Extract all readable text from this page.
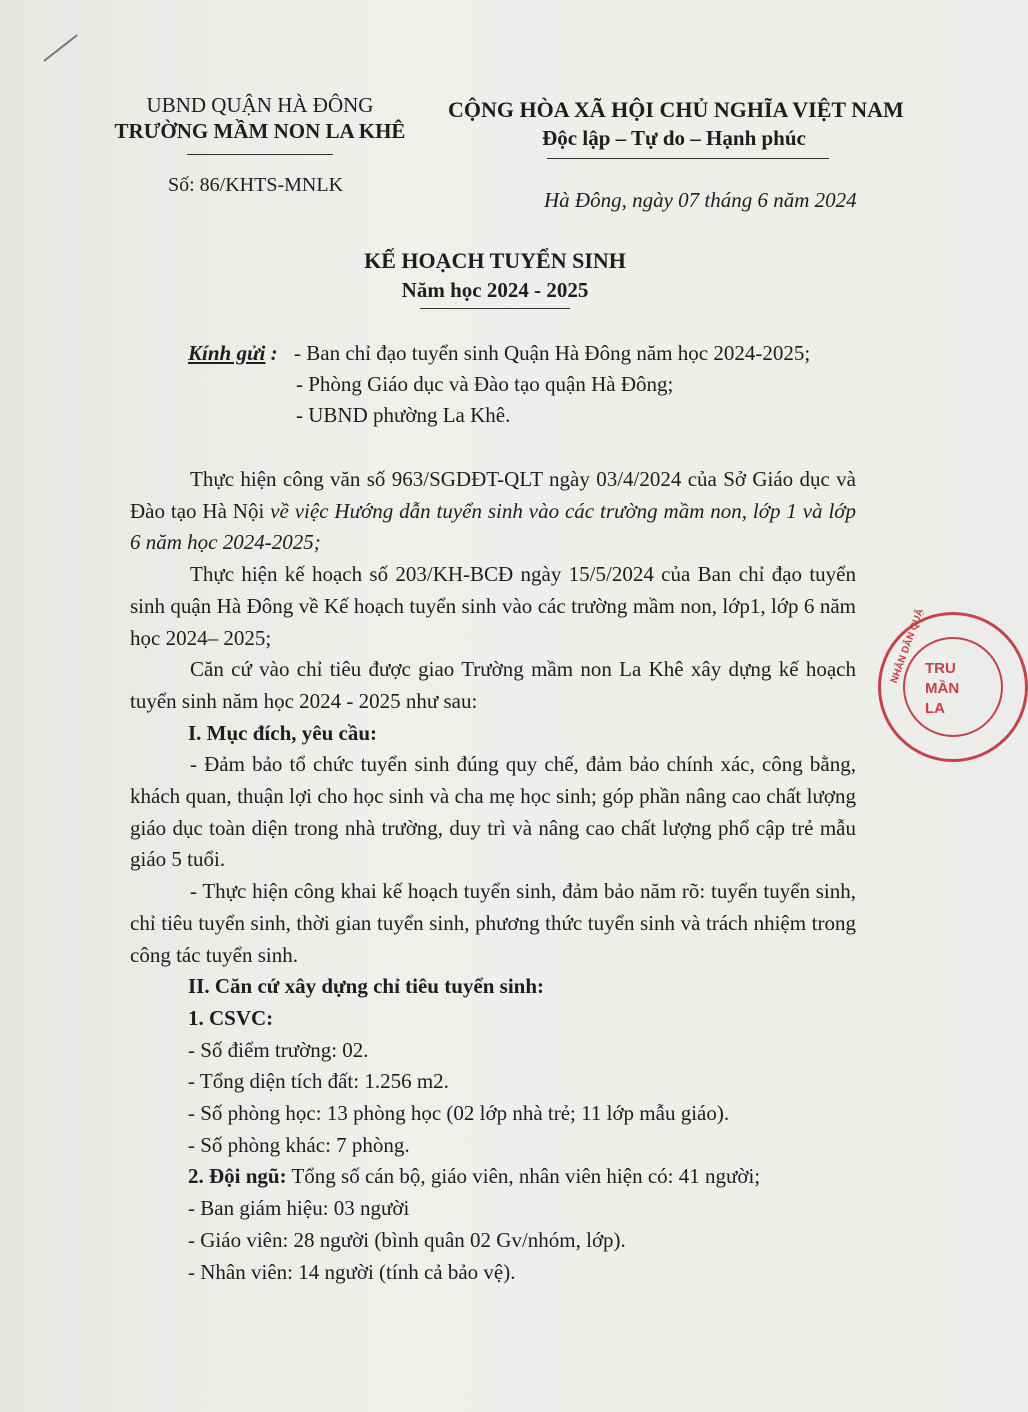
UBND QUẬN HÀ ĐÔNG
TRƯỜNG MẦM NON LA KHÊ
Số: 86/KHTS-MNLK
CỘNG HÒA XÃ HỘI CHỦ NGHĨA VIỆT NAM
Độc lập – Tự do – Hạnh phúc
Hà Đông, ngày 07 tháng 6 năm 2024
KẾ HOẠCH TUYỂN SINH
Năm học 2024 - 2025
Kính gửi : - Ban chỉ đạo tuyển sinh Quận Hà Đông năm học 2024-2025;
- Phòng Giáo dục và Đào tạo quận Hà Đông;
- UBND phường La Khê.

Thực hiện công văn số 963/SGDĐT-QLT ngày 03/4/2024 của Sở Giáo dục và Đào tạo Hà Nội về việc Hướng dẫn tuyển sinh vào các trường mầm non, lớp 1 và lớp 6 năm học 2024-2025;

Thực hiện kế hoạch số 203/KH-BCĐ ngày 15/5/2024 của Ban chỉ đạo tuyển sinh quận Hà Đông về Kế hoạch tuyển sinh vào các trường mầm non, lớp1, lớp 6 năm học 2024– 2025;

Căn cứ vào chỉ tiêu được giao Trường mầm non La Khê xây dựng kế hoạch tuyển sinh năm học 2024 - 2025 như sau:

I. Mục đích, yêu cầu:

- Đảm bảo tổ chức tuyển sinh đúng quy chế, đảm bảo chính xác, công bằng, khách quan, thuận lợi cho học sinh và cha mẹ học sinh; góp phần nâng cao chất lượng giáo dục toàn diện trong nhà trường, duy trì và nâng cao chất lượng phổ cập trẻ mẫu giáo 5 tuổi.

- Thực hiện công khai kế hoạch tuyển sinh, đảm bảo năm rõ: tuyển tuyển sinh, chỉ tiêu tuyển sinh, thời gian tuyển sinh, phương thức tuyển sinh và trách nhiệm trong công tác tuyển sinh.

II. Căn cứ xây dựng chỉ tiêu tuyển sinh:

1. CSVC:

- Số điểm trường: 02.

- Tổng diện tích đất: 1.256 m2.

- Số phòng học: 13 phòng học (02 lớp nhà trẻ; 11 lớp mẫu giáo).

- Số phòng khác: 7 phòng.

2. Đội ngũ: Tổng số cán bộ, giáo viên, nhân viên hiện có: 41 người;

- Ban giám hiệu: 03 người

- Giáo viên: 28 người (bình quân 02 Gv/nhóm, lớp).

- Nhân viên: 14 người (tính cả bảo vệ).

NHÂN DÂN QUẬ
TRU
MẦN
LA
